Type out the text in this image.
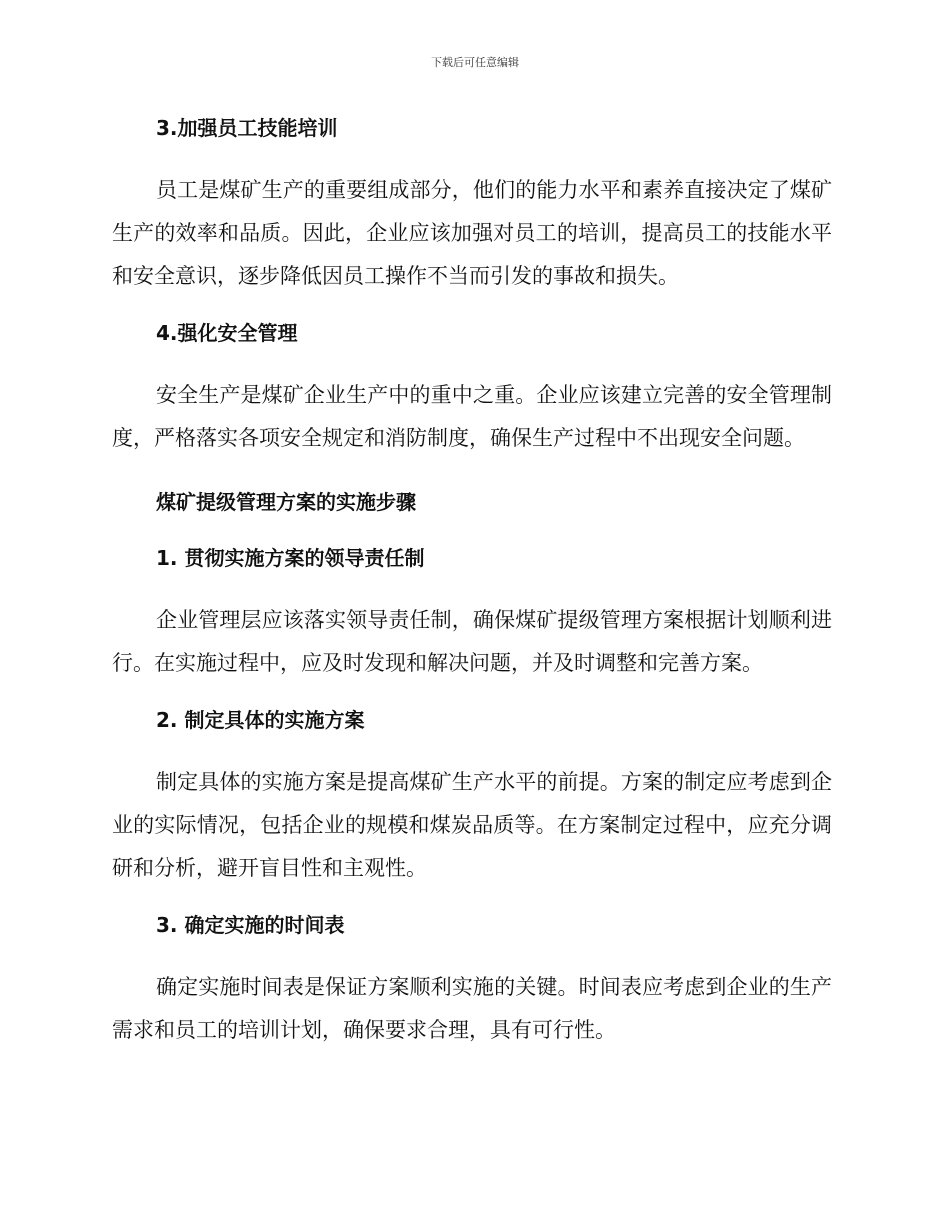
下载后可任意编辑
3.加强员工技能培训

员工是煤矿生产的重要组成部分，他们的能力水平和素养直接决定了煤矿生产的效率和品质。因此，企业应该加强对员工的培训，提高员工的技能水平和安全意识，逐步降低因员工操作不当而引发的事故和损失。

4.强化安全管理

安全生产是煤矿企业生产中的重中之重。企业应该建立完善的安全管理制度，严格落实各项安全规定和消防制度，确保生产过程中不出现安全问题。

煤矿提级管理方案的实施步骤
1. 贯彻实施方案的领导责任制

企业管理层应该落实领导责任制，确保煤矿提级管理方案根据计划顺利进行。在实施过程中，应及时发现和解决问题，并及时调整和完善方案。

2. 制定具体的实施方案

制定具体的实施方案是提高煤矿生产水平的前提。方案的制定应考虑到企业的实际情况，包括企业的规模和煤炭品质等。在方案制定过程中，应充分调研和分析，避开盲目性和主观性。

3. 确定实施的时间表

确定实施时间表是保证方案顺利实施的关键。时间表应考虑到企业的生产需求和员工的培训计划，确保要求合理，具有可行性。
